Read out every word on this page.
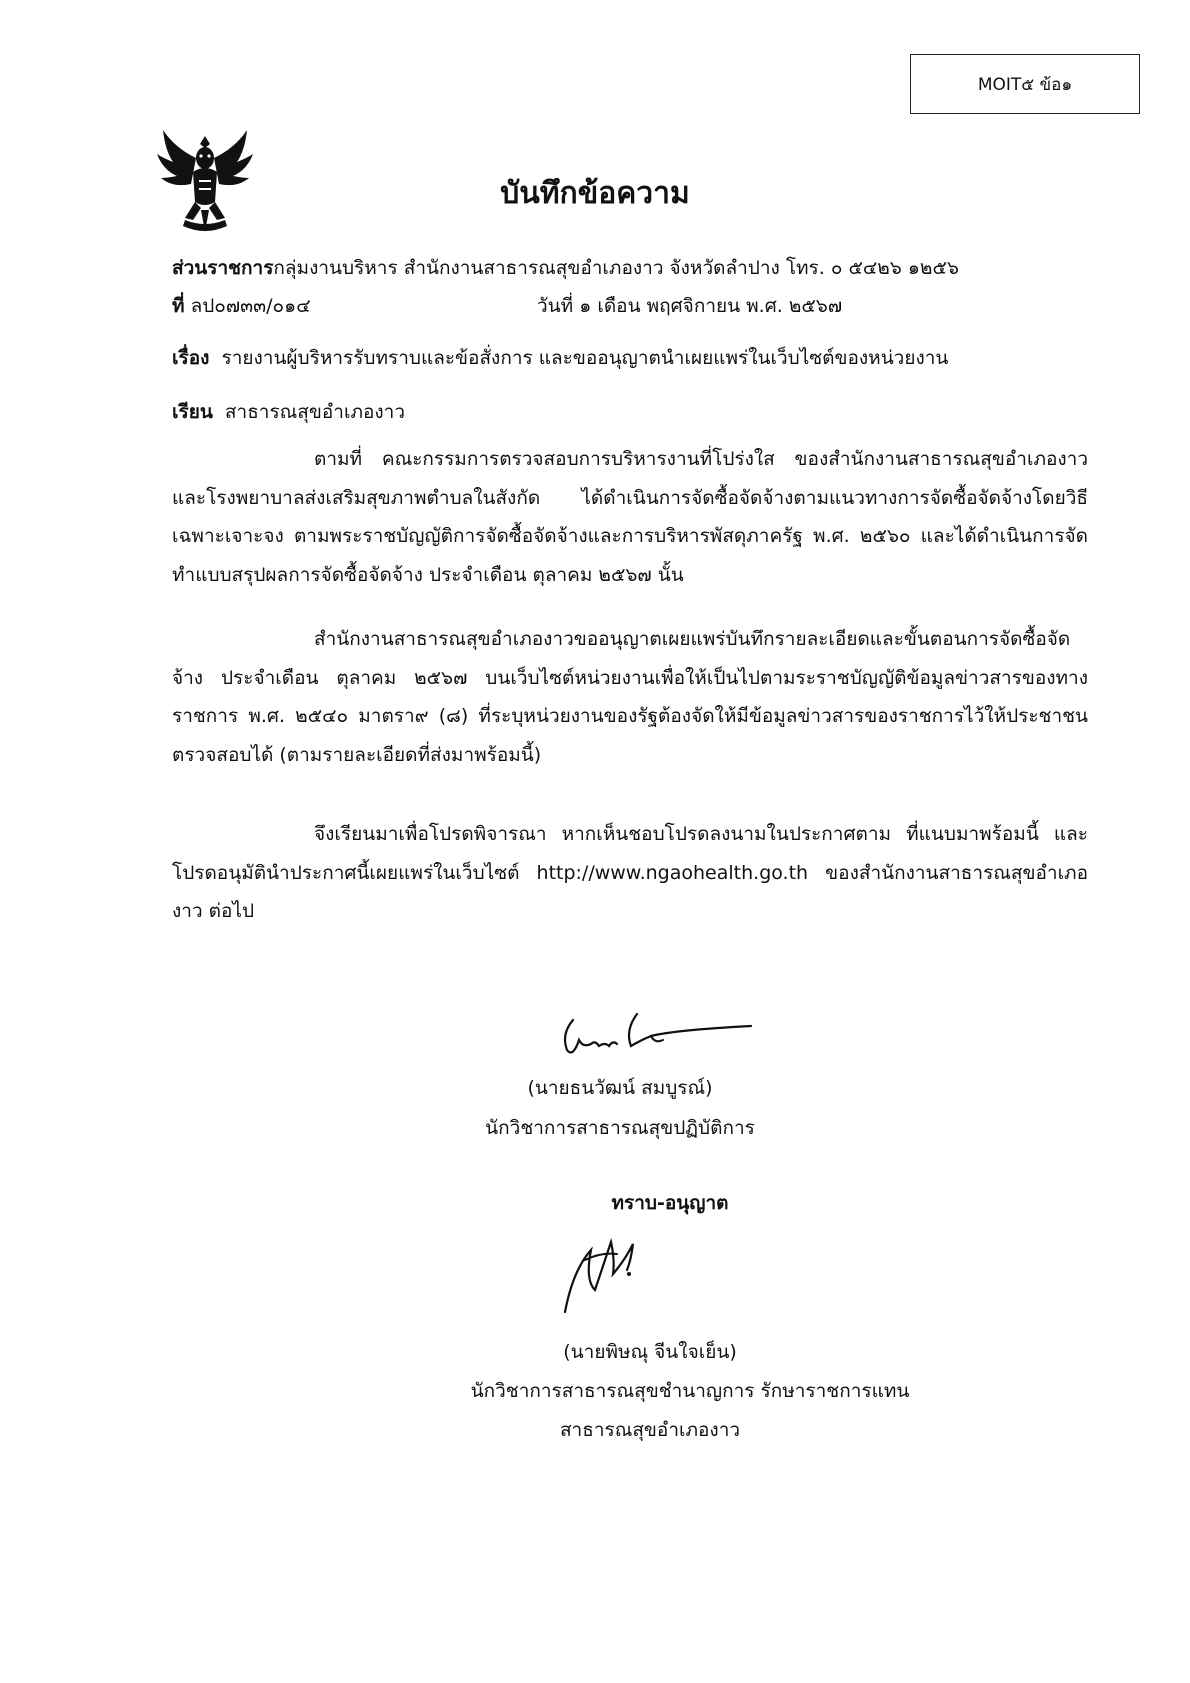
MOIT๕ ข้อ๑
บันทึกข้อความ
ส่วนราชการกลุ่มงานบริหาร สำนักงานสาธารณสุขอำเภองาว จังหวัดลำปาง โทร. ๐ ๕๔๒๖ ๑๒๕๖
ที่ ลป๐๗๓๓/๐๑๔	วันที่ ๑ เดือน พฤศจิกายน พ.ศ. ๒๕๖๗
เรื่อง รายงานผู้บริหารรับทราบและข้อสั่งการ และขออนุญาตนำเผยแพร่ในเว็บไซต์ของหน่วยงาน
เรียน สาธารณสุขอำเภองาว

ตามที่ คณะกรรมการตรวจสอบการบริหารงานที่โปร่งใส ของสำนักงานสาธารณสุขอำเภองาว และโรงพยาบาลส่งเสริมสุขภาพตำบลในสังกัด ได้ดำเนินการจัดซื้อจัดจ้างตามแนวทางการจัดซื้อจัดจ้างโดยวิธีเฉพาะเจาะจง ตามพระราชบัญญัติการจัดซื้อจัดจ้างและการบริหารพัสดุภาครัฐ พ.ศ. ๒๕๖๐ และได้ดำเนินการจัดทำแบบสรุปผลการจัดซื้อจัดจ้าง ประจำเดือน ตุลาคม ๒๕๖๗ นั้น

สำนักงานสาธารณสุขอำเภองาวขออนุญาตเผยแพร่บันทึกรายละเอียดและขั้นตอนการจัดซื้อจัดจ้าง ประจำเดือน ตุลาคม ๒๕๖๗ บนเว็บไซต์หน่วยงานเพื่อให้เป็นไปตามระราชบัญญัติข้อมูลข่าวสารของทางราชการ พ.ศ. ๒๕๔๐ มาตรา๙ (๘) ที่ระบุหน่วยงานของรัฐต้องจัดให้มีข้อมูลข่าวสารของราชการไว้ให้ประชาชนตรวจสอบได้ (ตามรายละเอียดที่ส่งมาพร้อมนี้)

จึงเรียนมาเพื่อโปรดพิจารณา หากเห็นชอบโปรดลงนามในประกาศตาม ที่แนบมาพร้อมนี้ และโปรดอนุมัตินำประกาศนี้เผยแพร่ในเว็บไซต์ http://www.ngaohealth.go.th ของสำนักงานสาธารณสุขอำเภองาว ต่อไป

(นายธนวัฒน์ สมบูรณ์)
นักวิชาการสาธารณสุขปฏิบัติการ
ทราบ-อนุญาต
(นายพิษณุ จีนใจเย็น)
นักวิชาการสาธารณสุขชำนาญการ รักษาราชการแทน
สาธารณสุขอำเภองาว
